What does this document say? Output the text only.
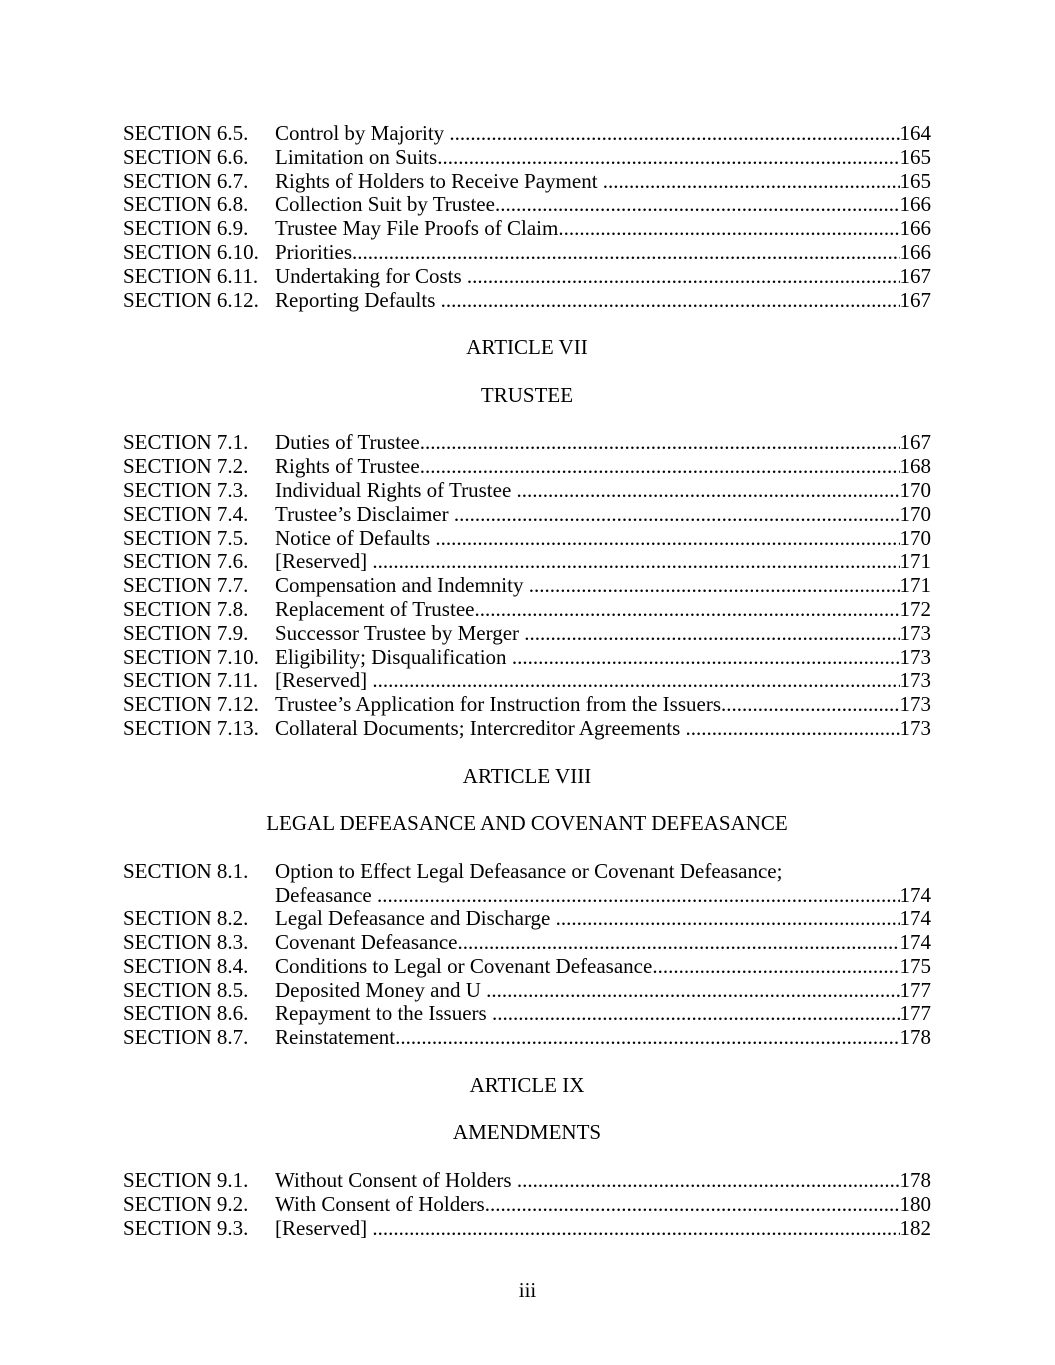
SECTION 6.5.	Control by Majority .....	164
SECTION 6.6.	Limitation on Suits .....	165
SECTION 6.7.	Rights of Holders to Receive Payment .....	165
SECTION 6.8.	Collection Suit by Trustee .....	166
SECTION 6.9.	Trustee May File Proofs of Claim .....	166
SECTION 6.10. Priorities .....	166
SECTION 6.11. Undertaking for Costs .....	167
SECTION 6.12. Reporting Defaults .....	167
ARTICLE VII
TRUSTEE
SECTION 7.1.	Duties of Trustee .....	167
SECTION 7.2.	Rights of Trustee .....	168
SECTION 7.3.	Individual Rights of Trustee .....	170
SECTION 7.4.	Trustee’s Disclaimer .....	170
SECTION 7.5.	Notice of Defaults .....	170
SECTION 7.6.	[Reserved] .....	171
SECTION 7.7.	Compensation and Indemnity .....	171
SECTION 7.8.	Replacement of Trustee .....	172
SECTION 7.9.	Successor Trustee by Merger .....	173
SECTION 7.10. Eligibility; Disqualification .....	173
SECTION 7.11. [Reserved] .....	173
SECTION 7.12. Trustee’s Application for Instruction from the Issuers .....	173
SECTION 7.13. Collateral Documents; Intercreditor Agreements .....	173
ARTICLE VIII
LEGAL DEFEASANCE AND COVENANT DEFEASANCE
SECTION 8.1.	Option to Effect Legal Defeasance or Covenant Defeasance;
Defeasance .....	174
SECTION 8.2.	Legal Defeasance and Discharge .....	174
SECTION 8.3.	Covenant Defeasance .....	174
SECTION 8.4.	Conditions to Legal or Covenant Defeasance .....	175
SECTION 8.5.	Deposited Money and U .....	177
SECTION 8.6.	Repayment to the Issuers .....	177
SECTION 8.7.	Reinstatement .....	178
ARTICLE IX
AMENDMENTS
SECTION 9.1.	Without Consent of Holders .....	178
SECTION 9.2.	With Consent of Holders .....	180
SECTION 9.3.	[Reserved] .....	182
iii
